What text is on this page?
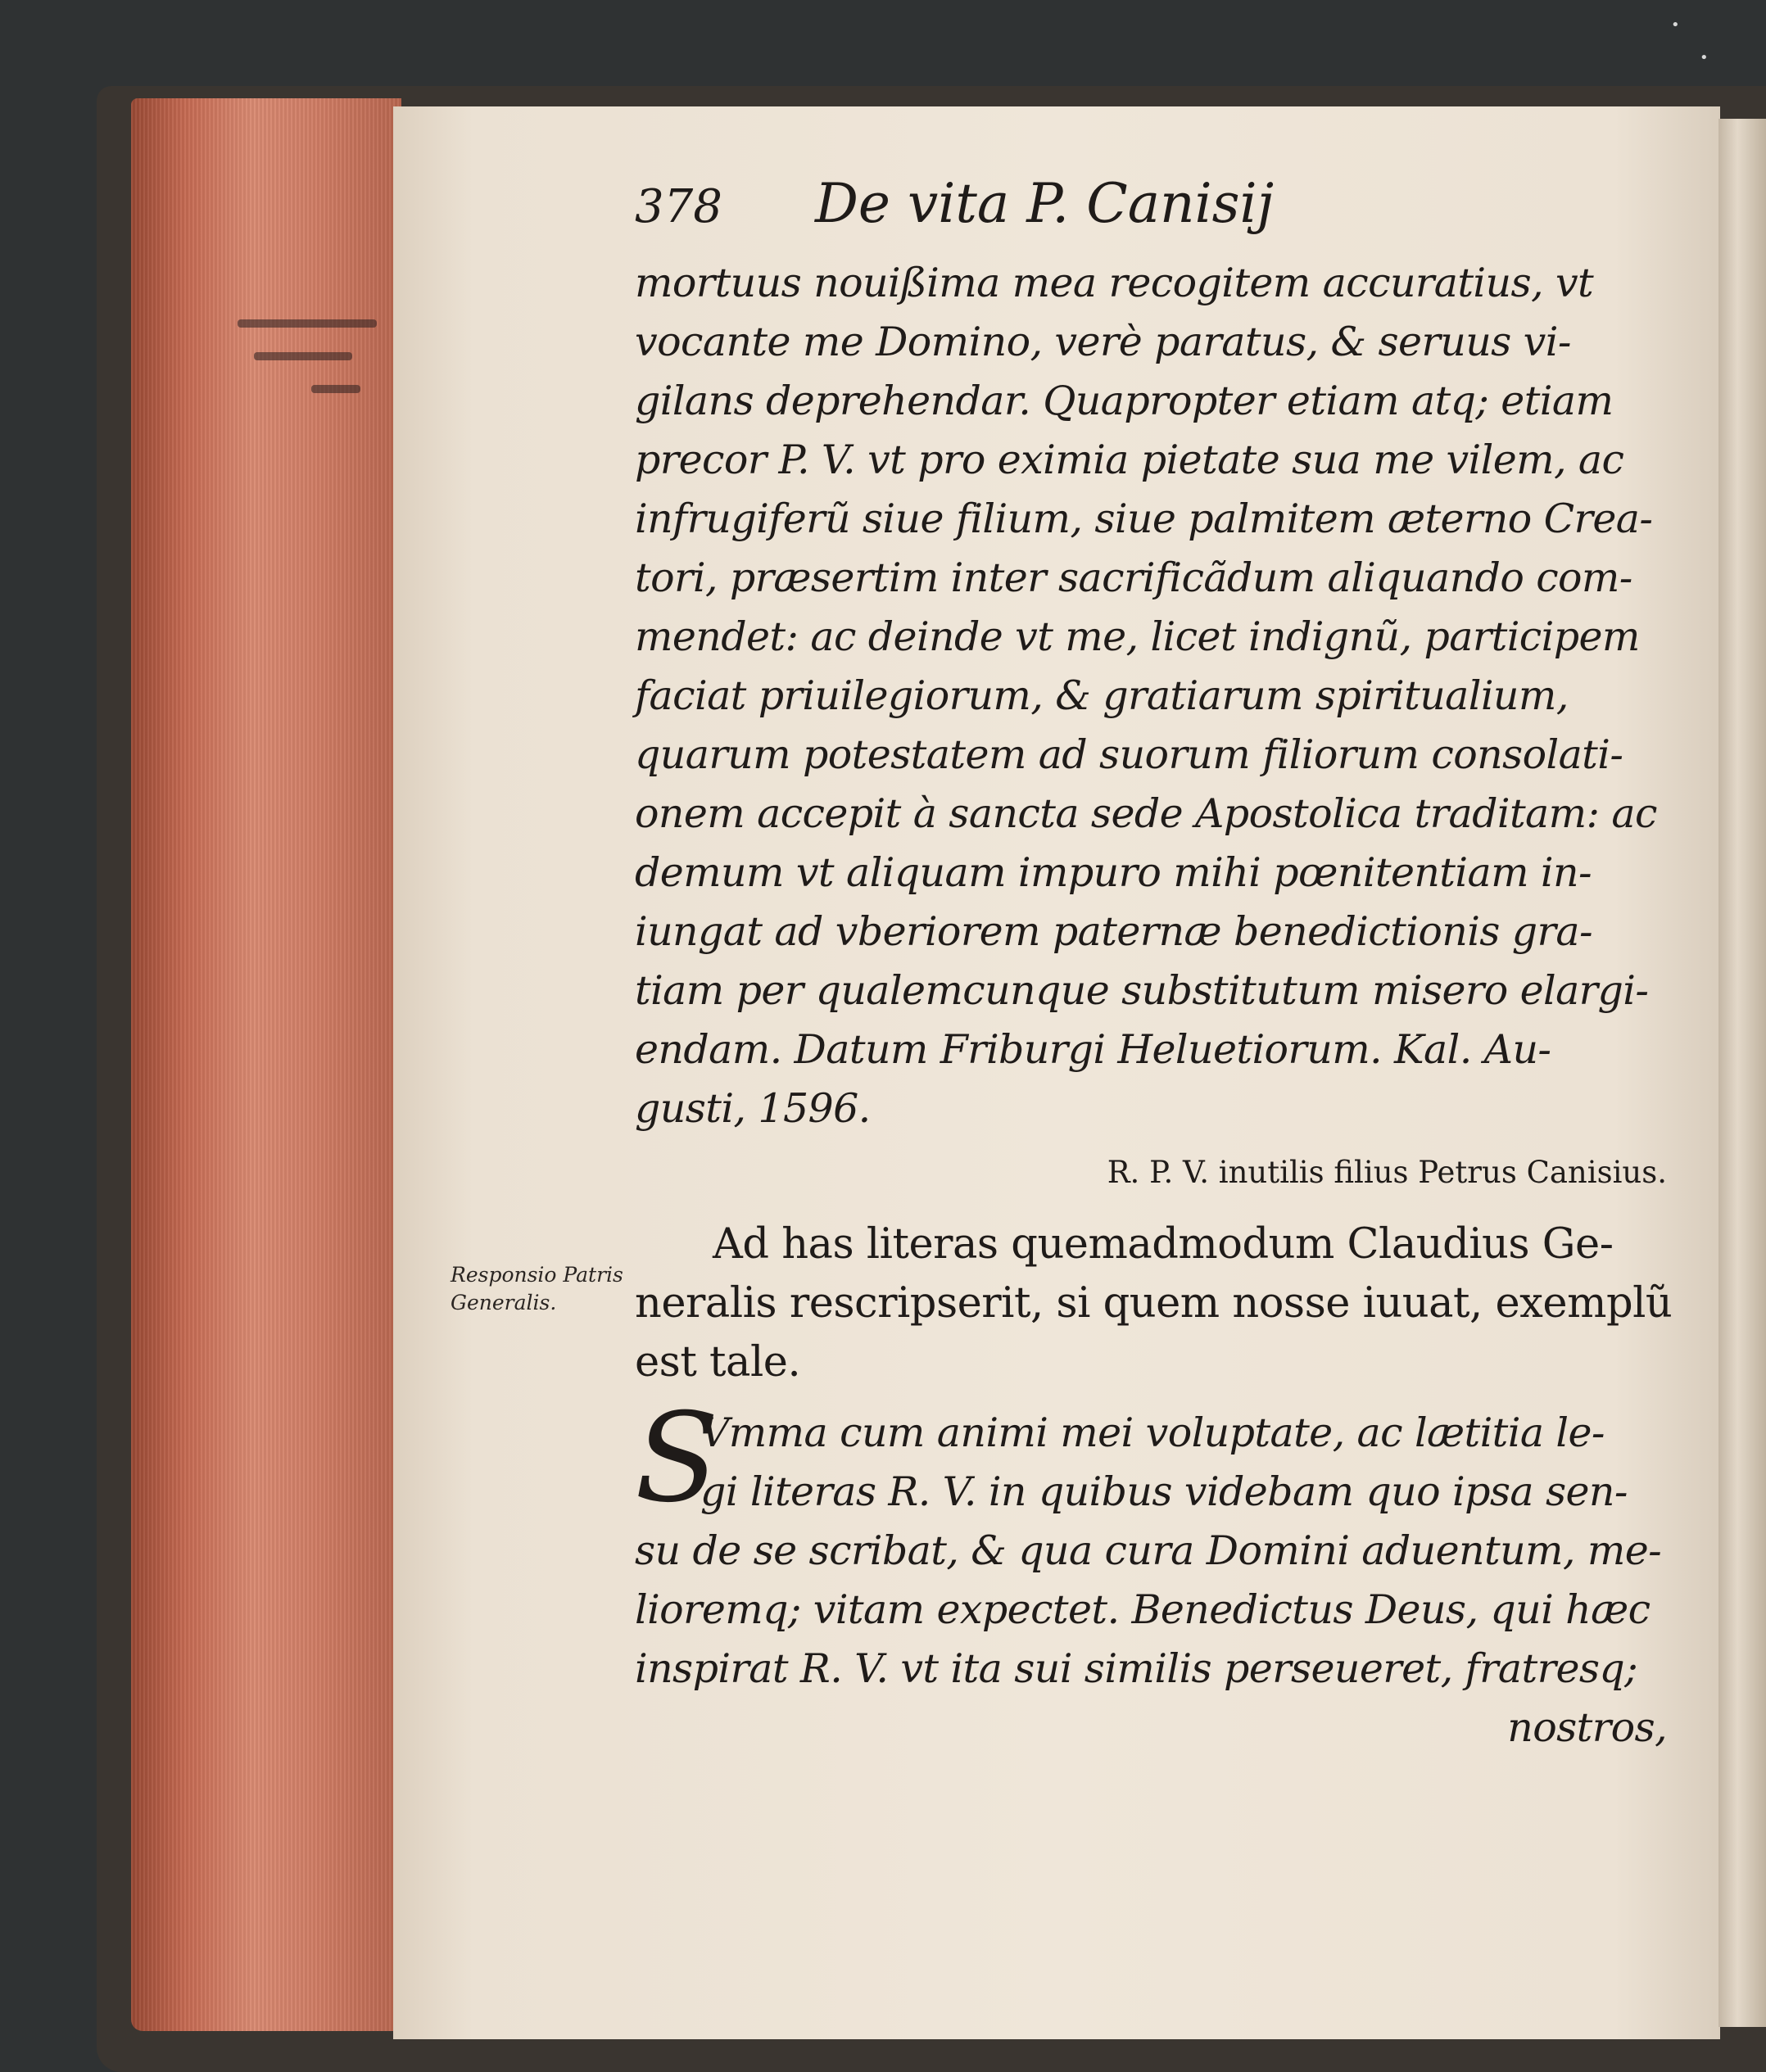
•
•
Responsio Patris Generalis.
378 De vita P. Canisij
mortuus nouißima mea recogitem accuratius, vt
vocante me Domino, verè paratus, & seruus vi-
gilans deprehendar. Quapropter etiam atq; etiam
precor P. V. vt pro eximia pietate sua me vilem, ac
infrugiferũ siue filium, siue palmitem æterno Crea-
tori, præsertim inter sacrificãdum aliquando com-
mendet: ac deinde vt me, licet indignũ, participem
faciat priuilegiorum, & gratiarum spiritualium,
quarum potestatem ad suorum filiorum consolati-
onem accepit à sancta sede Apostolica traditam: ac
demum vt aliquam impuro mihi pœnitentiam in-
iungat ad vberiorem paternæ benedictionis gra-
tiam per qualemcunque substitutum misero elargi-
endam. Datum Friburgi Heluetiorum. Kal. Au-
gusti, 1596.
R. P. V. inutilis filius Petrus Canisius.
Ad has literas quemadmodum Claudius Ge-
neralis rescripserit, si quem nosse iuuat, exemplũ
est tale.
S
Vmma cum animi mei voluptate, ac lætitia le-
gi literas R. V. in quibus videbam quo ipsa sen-
su de se scribat, & qua cura Domini aduentum, me-
lioremq; vitam expectet. Benedictus Deus, qui hæc
inspirat R. V. vt ita sui similis perseueret, fratresq;
nostros,
